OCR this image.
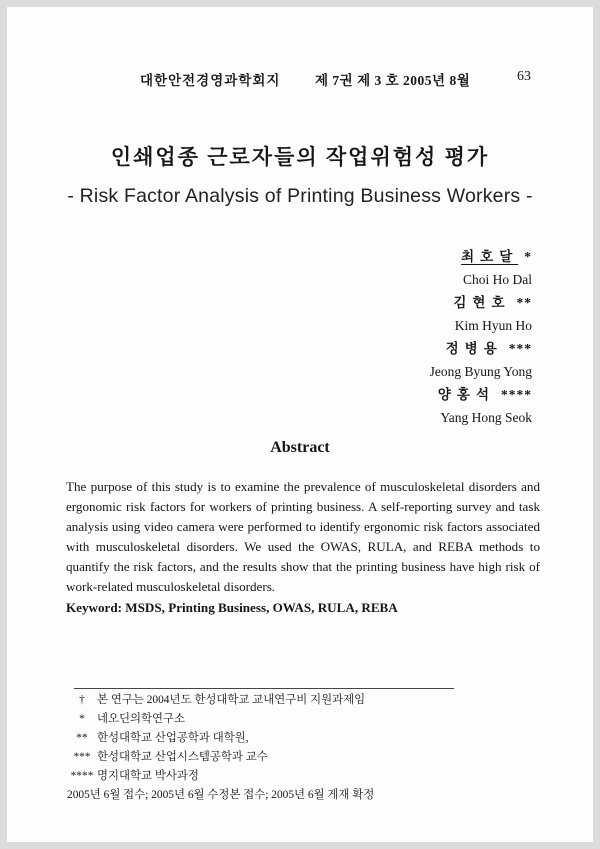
대한안전경영과학회지	제 7권 제 3 호 2005년 8월	63
인쇄업종 근로자들의 작업위험성 평가
- Risk Factor Analysis of Printing Business Workers -
최호달 *
Choi Ho Dal
김현호 **
Kim Hyun Ho
정병용 ***
Jeong Byung Yong
양홍석 ****
Yang Hong Seok
Abstract

The purpose of this study is to examine the prevalence of musculoskeletal disorders and ergonomic risk factors for workers of printing business. A self-reporting survey and task analysis using video camera were performed to identify ergonomic risk factors associated with musculoskeletal disorders. We used the OWAS, RULA, and REBA methods to quantify the risk factors, and the results show that the printing business have high risk of work-related musculoskeletal disorders.

Keyword: MSDS, Printing Business, OWAS, RULA, REBA
† 본 연구는 2004년도 한성대학교 교내연구비 지원과제임
* 네오딘의학연구소
** 한성대학교 산업공학과 대학원,
*** 한성대학교 산업시스템공학과 교수
**** 명지대학교 박사과정
2005년 6월 접수; 2005년 6월 수정본 접수; 2005년 6월 게재 확정
